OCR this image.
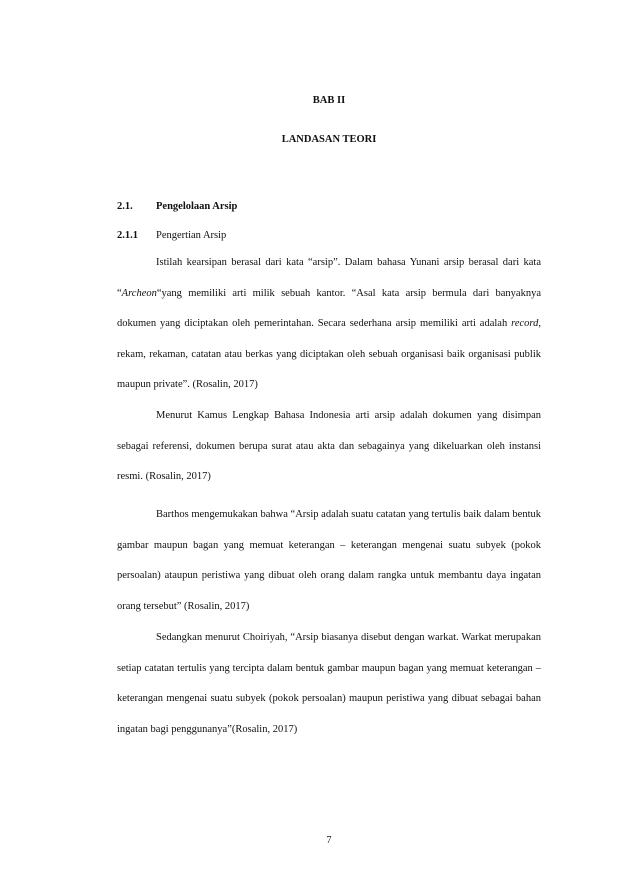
BAB II
LANDASAN TEORI
2.1. Pengelolaan Arsip
2.1.1 Pengertian Arsip

Istilah kearsipan berasal dari kata “arsip”. Dalam bahasa Yunani arsip berasal dari kata “Archeon“yang memiliki arti milik sebuah kantor. “Asal kata arsip bermula dari banyaknya dokumen yang diciptakan oleh pemerintahan. Secara sederhana arsip memiliki arti adalah record, rekam, rekaman, catatan atau berkas yang diciptakan oleh sebuah organisasi baik organisasi publik maupun private”. (Rosalin, 2017)

Menurut Kamus Lengkap Bahasa Indonesia arti arsip adalah dokumen yang disimpan sebagai referensi, dokumen berupa surat atau akta dan sebagainya yang dikeluarkan oleh instansi resmi. (Rosalin, 2017)

Barthos mengemukakan bahwa “Arsip adalah suatu catatan yang tertulis baik dalam bentuk gambar maupun bagan yang memuat keterangan – keterangan mengenai suatu subyek (pokok persoalan) ataupun peristiwa yang dibuat oleh orang dalam rangka untuk membantu daya ingatan orang tersebut” (Rosalin, 2017)

Sedangkan menurut Choiriyah, “Arsip biasanya disebut dengan warkat. Warkat merupakan setiap catatan tertulis yang tercipta dalam bentuk gambar maupun bagan yang memuat keterangan – keterangan mengenai suatu subyek (pokok persoalan) maupun peristiwa yang dibuat sebagai bahan ingatan bagi penggunanya”(Rosalin, 2017)

7
